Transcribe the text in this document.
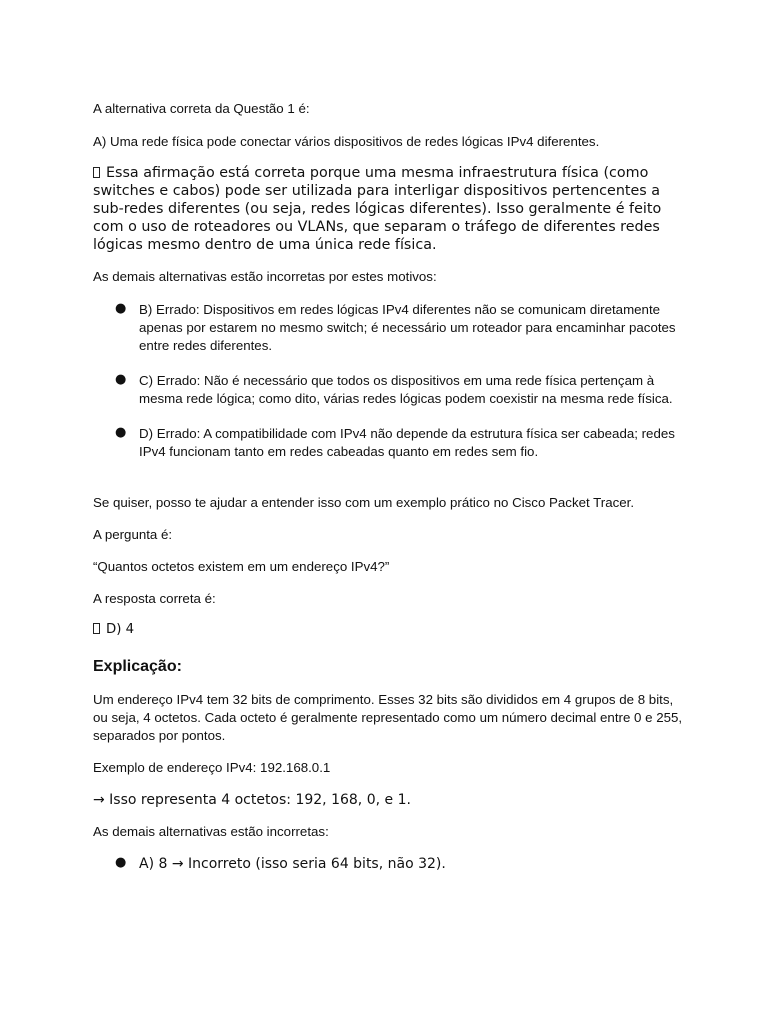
A alternativa correta da Questão 1 é:

A) Uma rede física pode conectar vários dispositivos de redes lógicas IPv4 diferentes.

Essa afirmação está correta porque uma mesma infraestrutura física (como switches e cabos) pode ser utilizada para interligar dispositivos pertencentes a sub-redes diferentes (ou seja, redes lógicas diferentes). Isso geralmente é feito com o uso de roteadores ou VLANs, que separam o tráfego de diferentes redes lógicas mesmo dentro de uma única rede física.

As demais alternativas estão incorretas por estes motivos:

● B) Errado: Dispositivos em redes lógicas IPv4 diferentes não se comunicam diretamente apenas por estarem no mesmo switch; é necessário um roteador para encaminhar pacotes entre redes diferentes.

● C) Errado: Não é necessário que todos os dispositivos em uma rede física pertençam à mesma rede lógica; como dito, várias redes lógicas podem coexistir na mesma rede física.

● D) Errado: A compatibilidade com IPv4 não depende da estrutura física ser cabeada; redes IPv4 funcionam tanto em redes cabeadas quanto em redes sem fio.

Se quiser, posso te ajudar a entender isso com um exemplo prático no Cisco Packet Tracer.

A pergunta é:

“Quantos octetos existem em um endereço IPv4?”

A resposta correta é:

D) 4

Explicação:

Um endereço IPv4 tem 32 bits de comprimento. Esses 32 bits são divididos em 4 grupos de 8 bits, ou seja, 4 octetos. Cada octeto é geralmente representado como um número decimal entre 0 e 255, separados por pontos.

Exemplo de endereço IPv4: 192.168.0.1

→ Isso representa 4 octetos: 192, 168, 0, e 1.

As demais alternativas estão incorretas:

● A) 8 → Incorreto (isso seria 64 bits, não 32).
